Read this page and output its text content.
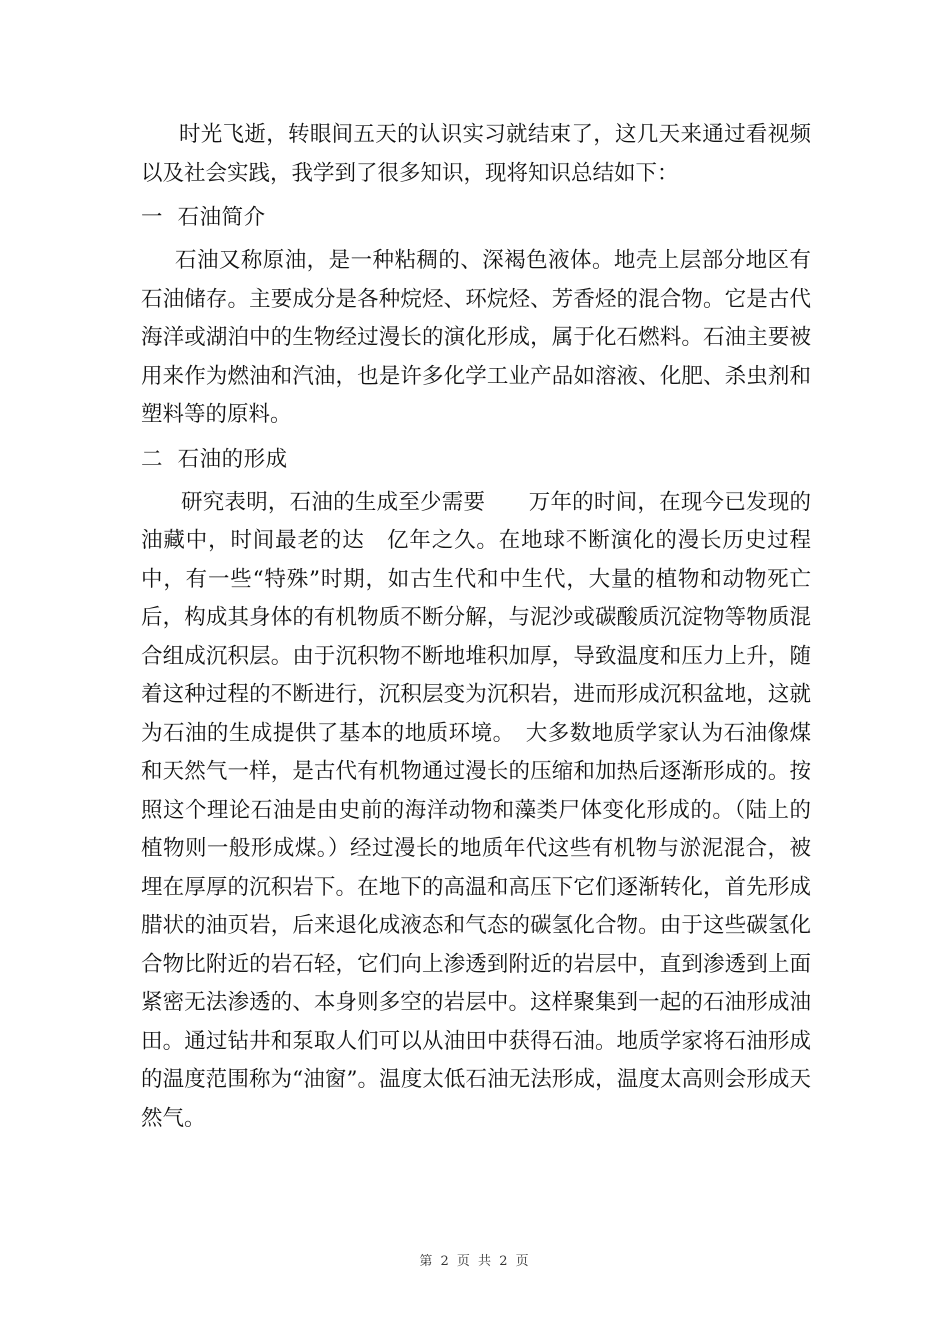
时光飞逝，转眼间五天的认识实习就结束了，这几天来通过看视频以及社会实践，我学到了很多知识，现将知识总结如下：

一  石油简介

石油又称原油，是一种粘稠的、深褐色液体。地壳上层部分地区有石油储存。主要成分是各种烷烃、环烷烃、芳香烃的混合物。它是古代海洋或湖泊中的生物经过漫长的演化形成，属于化石燃料。石油主要被用来作为燃油和汽油，也是许多化学工业产品如溶液、化肥、杀虫剂和塑料等的原料。

二  石油的形成

研究表明，石油的生成至少需要　　万年的时间，在现今已发现的油藏中，时间最老的达　亿年之久。在地球不断演化的漫长历史过程中，有一些“特殊”时期，如古生代和中生代，大量的植物和动物死亡后，构成其身体的有机物质不断分解，与泥沙或碳酸质沉淀物等物质混合组成沉积层。由于沉积物不断地堆积加厚，导致温度和压力上升，随着这种过程的不断进行，沉积层变为沉积岩，进而形成沉积盆地，这就为石油的生成提供了基本的地质环境。　大多数地质学家认为石油像煤和天然气一样，是古代有机物通过漫长的压缩和加热后逐渐形成的。按照这个理论石油是由史前的海洋动物和藻类尸体变化形成的。（陆上的植物则一般形成煤。）经过漫长的地质年代这些有机物与淤泥混合，被埋在厚厚的沉积岩下。在地下的高温和高压下它们逐渐转化，首先形成腊状的油页岩，后来退化成液态和气态的碳氢化合物。由于这些碳氢化合物比附近的岩石轻，它们向上渗透到附近的岩层中，直到渗透到上面紧密无法渗透的、本身则多空的岩层中。这样聚集到一起的石油形成油田。通过钻井和泵取人们可以从油田中获得石油。地质学家将石油形成的温度范围称为“油窗”。温度太低石油无法形成，温度太高则会形成天然气。

第 2 页 共 2 页
